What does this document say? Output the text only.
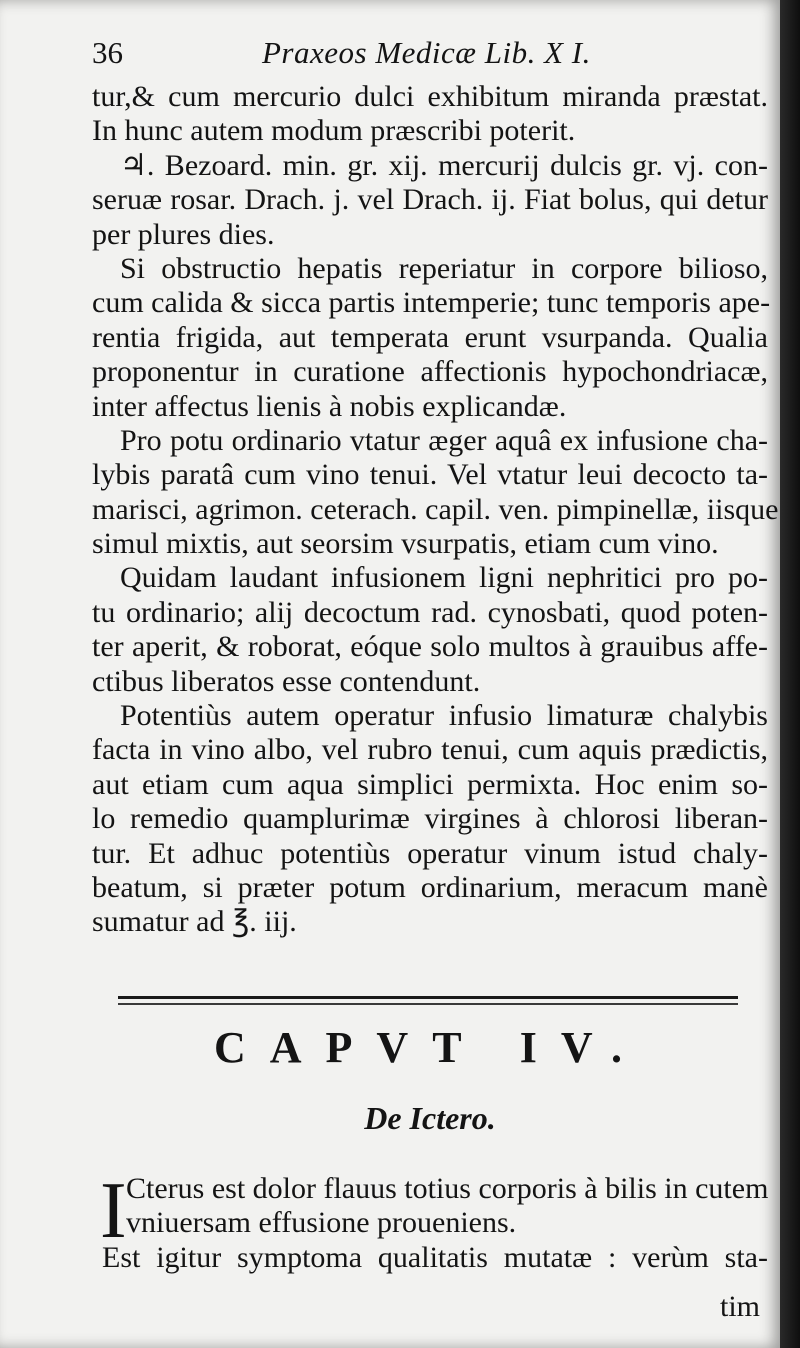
36	Praxeos Medicæ Lib. X I.
tur,& cum mercurio dulci exhibitum miranda præstat.
In hunc autem modum præscribi poterit.
♃. Bezoard. min. gr. xij. mercurij dulcis gr. vj. con-
seruæ rosar. Drach. j. vel Drach. ij. Fiat bolus, qui detur
per plures dies.
Si obstructio hepatis reperiatur in corpore bilioso,
cum calida & sicca partis intemperie; tunc temporis ape-
rentia frigida, aut temperata erunt vsurpanda. Qualia
proponentur in curatione affectionis hypochondriacæ,
inter affectus lienis à nobis explicandæ.
Pro potu ordinario vtatur æger aquâ ex infusione cha-
lybis paratâ cum vino tenui. Vel vtatur leui decocto ta-
marisci, agrimon. ceterach. capil. ven. pimpinellæ, iisque
simul mixtis, aut seorsim vsurpatis, etiam cum vino.
Quidam laudant infusionem ligni nephritici pro po-
tu ordinario; alij decoctum rad. cynosbati, quod poten-
ter aperit, & roborat, eóque solo multos à grauibus affe-
ctibus liberatos esse contendunt.
Potentiùs autem operatur infusio limaturæ chalybis
facta in vino albo, vel rubro tenui, cum aquis prædictis,
aut etiam cum aqua simplici permixta. Hoc enim so-
lo remedio quamplurimæ virgines à chlorosi liberan-
tur. Et adhuc potentiùs operatur vinum istud chaly-
beatum, si præter potum ordinarium, meracum manè
sumatur ad ℥. iij.
CAPVT IV.
De Ictero.
I Cterus est dolor flauus totius corporis à bilis in cutem
vniuersam effusione proueniens.
Est igitur symptoma qualitatis mutatæ : verùm sta-
tim
